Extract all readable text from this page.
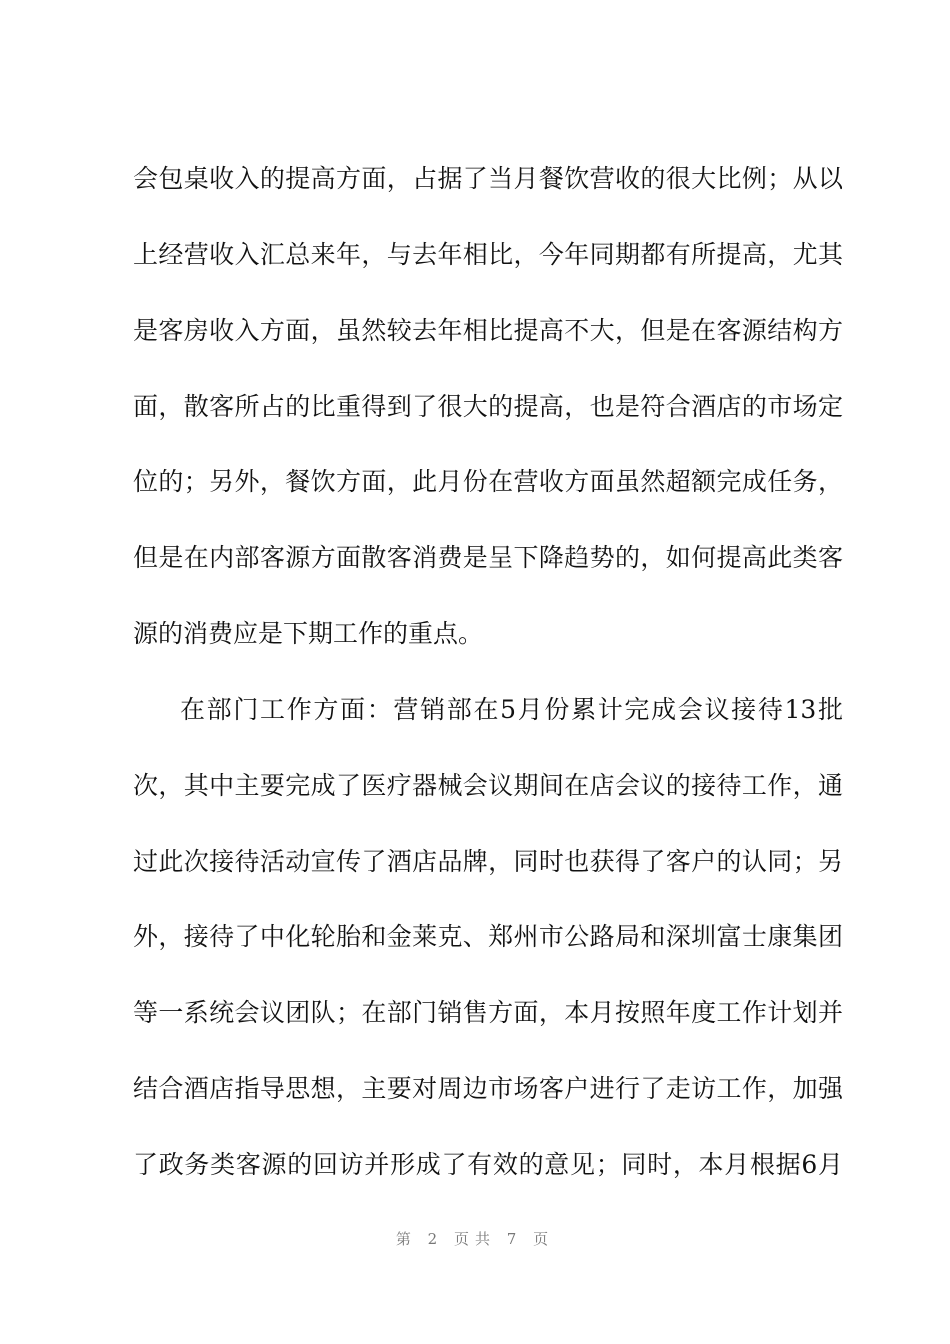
会包桌收入的提高方面，占据了当月餐饮营收的很大比例；从以
上经营收入汇总来年，与去年相比，今年同期都有所提高，尤其
是客房收入方面，虽然较去年相比提高不大，但是在客源结构方
面，散客所占的比重得到了很大的提高，也是符合酒店的市场定
位的；另外，餐饮方面，此月份在营收方面虽然超额完成任务，
但是在内部客源方面散客消费是呈下降趋势的，如何提高此类客
源的消费应是下期工作的重点。
在部门工作方面：营销部在5月份累计完成会议接待13批
次，其中主要完成了医疗器械会议期间在店会议的接待工作，通
过此次接待活动宣传了酒店品牌，同时也获得了客户的认同；另
外，接待了中化轮胎和金莱克、郑州市公路局和深圳富士康集团
等一系统会议团队；在部门销售方面，本月按照年度工作计划并
结合酒店指导思想，主要对周边市场客户进行了走访工作，加强
了政务类客源的回访并形成了有效的意见；同时，本月根据6月
第 2 页共 7 页
